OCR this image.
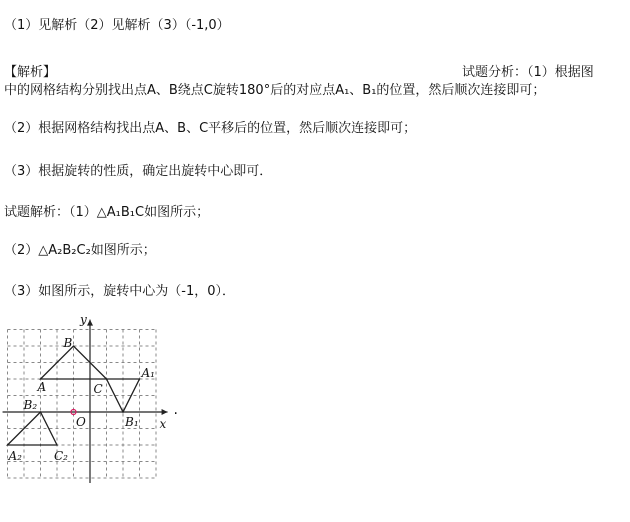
（1）见解析（2）见解析（3）（-1,0）
【解析】	试题分析：（1）根据图
中的网格结构分别找出点A、B绕点C旋转180°后的对应点A₁、B₁的位置，然后顺次连接即可；
（2）根据网格结构找出点A、B、C平移后的位置，然后顺次连接即可；
（3）根据旋转的性质，确定出旋转中心即可．
试题解析：（1）△A₁B₁C如图所示；
（2）△A₂B₂C₂如图所示；
（3）如图所示，旋转中心为（-1，0）．
y
x
O
B
A	C
A₁
B₁
B₂
A₂	C₂
.
